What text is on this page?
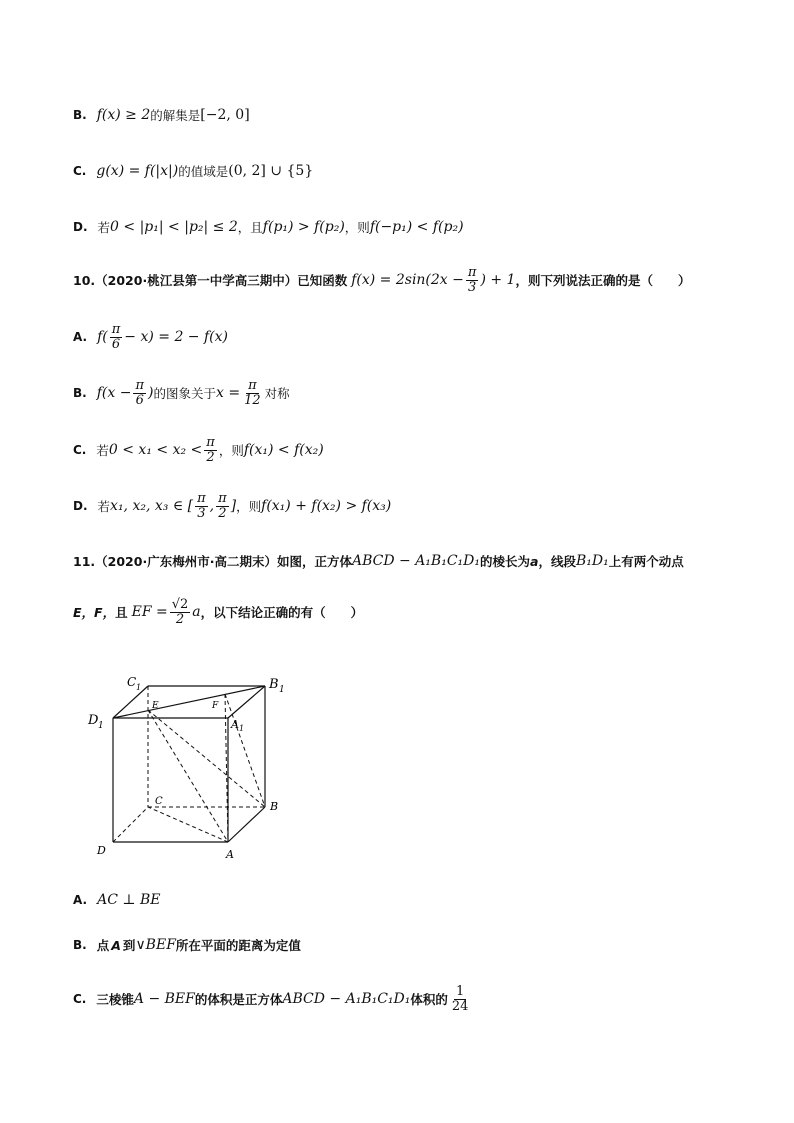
B. f(x) ≥ 2 的解集是 [−2, 0]
C. g(x) = f(|x|) 的值域是 (0, 2] ∪ {5}
D. 若 0 < |p₁| < |p₂| ≤ 2 ，且 f(p₁) > f(p₂) ，则 f(−p₁) < f(p₂)
10. （2020·桃江县第一中学高三期中） 已知函数 $f(x) = 2\sin(2x - \frac{\pi}{3}$ ) + 1 ，则下列说法正确的是（　　）
A. $f( \frac{\pi}{6} - x) = 2 - f(x)$
B. $f(x - \frac{\pi}{6}$ ) 的图象关于 $x = \frac{\pi}{12}$ 对称
C. 若 $0 < x_1 < x_2 < \frac{\pi}{2}$ ，则 f(x₁) < f(x₂)
D. 若 x₁, x₂, x₃ ∈ [ $\frac{\pi}{3}$ , $\frac{\pi}{2}$ ] ，则 f(x₁) + f(x₂) > f(x₃)
11. （2020·广东梅州市·高二期末） 如图，正方体 ABCD − A₁B₁C₁D₁ 的棱长为 a ，线段 B₁D₁ 上有两个动点
E，F， 且 EF = $\frac{√2}{2}$ a ，以下结论正确的有（　　）
C 1	B 1
D 1	A 1
E	F
C	B
D	A
A. AC ⊥ BE
B. 点 A 到 ∨BEF 所在平面的距离为定值
C. 三棱锥 A − BEF 的体积是正方体 ABCD − A₁B₁C₁D₁ 体积的 $\frac{1}{24}$
